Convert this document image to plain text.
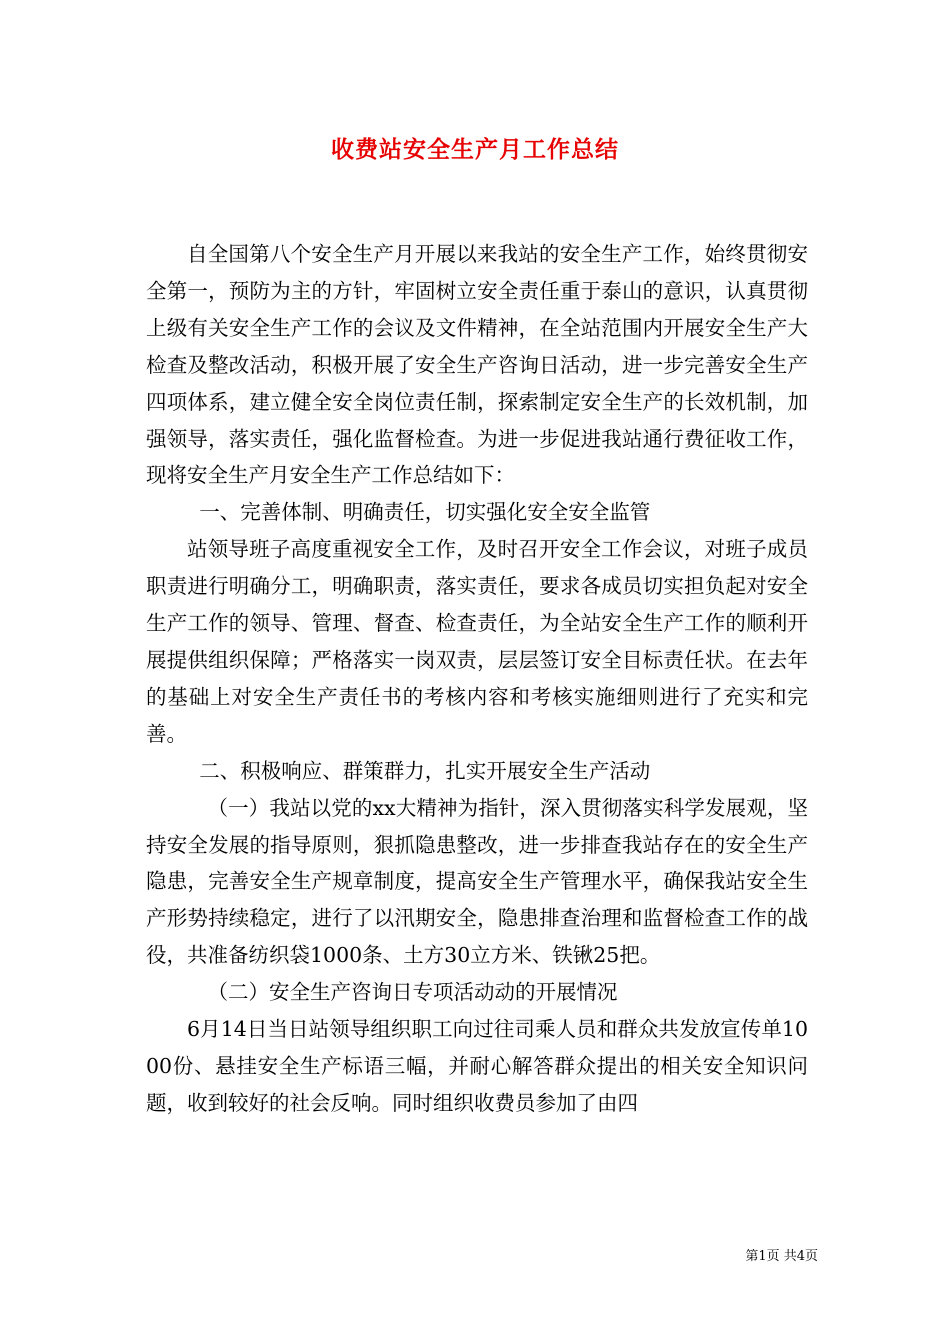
收费站安全生产月工作总结

自全国第八个安全生产月开展以来我站的安全生产工作，始终贯彻安全第一，预防为主的方针，牢固树立安全责任重于泰山的意识，认真贯彻上级有关安全生产工作的会议及文件精神，在全站范围内开展安全生产大检查及整改活动，积极开展了安全生产咨询日活动，进一步完善安全生产四项体系，建立健全安全岗位责任制，探索制定安全生产的长效机制，加强领导，落实责任，强化监督检查。为进一步促进我站通行费征收工作，现将安全生产月安全生产工作总结如下：

一、完善体制、明确责任，切实强化安全安全监管

站领导班子高度重视安全工作，及时召开安全工作会议，对班子成员职责进行明确分工，明确职责，落实责任，要求各成员切实担负起对安全生产工作的领导、管理、督查、检查责任，为全站安全生产工作的顺利开展提供组织保障；严格落实一岗双责，层层签订安全目标责任状。在去年的基础上对安全生产责任书的考核内容和考核实施细则进行了充实和完善。

二、积极响应、群策群力，扎实开展安全生产活动

（一）我站以党的xx大精神为指针，深入贯彻落实科学发展观，坚持安全发展的指导原则，狠抓隐患整改，进一步排查我站存在的安全生产隐患，完善安全生产规章制度，提高安全生产管理水平，确保我站安全生产形势持续稳定，进行了以汛期安全，隐患排查治理和监督检查工作的战役，共准备纺织袋1000条、土方30立方米、铁锹25把。

（二）安全生产咨询日专项活动动的开展情况

6月14日当日站领导组织职工向过往司乘人员和群众共发放宣传单1000份、悬挂安全生产标语三幅，并耐心解答群众提出的相关安全知识问题，收到较好的社会反响。同时组织收费员参加了由四

第1页 共4页
